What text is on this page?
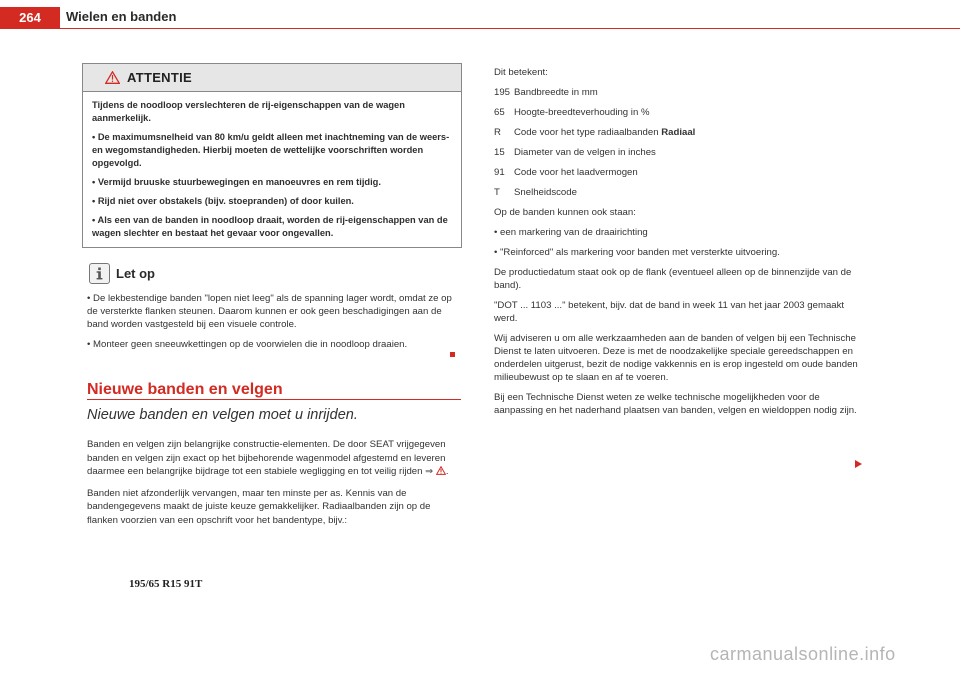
264	Wielen en banden
ATTENTIE

Tijdens de noodloop verslechteren de rij-eigenschappen van de wagen aanmerkelijk.

• De maximumsnelheid van 80 km/u geldt alleen met inachtneming van de weers- en wegomstandigheden. Hierbij moeten de wettelijke voorschriften worden opgevolgd.

• Vermijd bruuske stuurbewegingen en manoeuvres en rem tijdig.

• Rijd niet over obstakels (bijv. stoepranden) of door kuilen.

• Als een van de banden in noodloop draait, worden de rij-eigenschappen van de wagen slechter en bestaat het gevaar voor ongevallen.

Let op

• De lekbestendige banden "lopen niet leeg" als de spanning lager wordt, omdat ze op de versterkte flanken steunen. Daarom kunnen er ook geen beschadigingen aan de band worden vastgesteld bij een visuele controle.

• Monteer geen sneeuwkettingen op de voorwielen die in noodloop draaien.

Nieuwe banden en velgen
Nieuwe banden en velgen moet u inrijden.

Banden en velgen zijn belangrijke constructie-elementen. De door SEAT vrijgegeven banden en velgen zijn exact op het bijbehorende wagenmodel afgestemd en leveren daarmee een belangrijke bijdrage tot een stabiele wegligging en tot veilig rijden ⇒ .

Banden niet afzonderlijk vervangen, maar ten minste per as. Kennis van de bandengegevens maakt de juiste keuze gemakkelijker. Radiaalbanden zijn op de flanken voorzien van een opschrift voor het bandentype, bijv.:

195/65 R15 91T

Dit betekent:

195 Bandbreedte in mm
65 Hoogte-breedteverhouding in %
R	Code voor het type radiaalbanden Radiaal
15 Diameter van de velgen in inches
91 Code voor het laadvermogen
T	Snelheidscode

Op de banden kunnen ook staan:

• een markering van de draairichting

• "Reinforced" als markering voor banden met versterkte uitvoering.

De productiedatum staat ook op de flank (eventueel alleen op de binnenzijde van de band).

"DOT ... 1103 ..." betekent, bijv. dat de band in week 11 van het jaar 2003 gemaakt werd.

Wij adviseren u om alle werkzaamheden aan de banden of velgen bij een Technische Dienst te laten uitvoeren. Deze is met de noodzakelijke speciale gereedschappen en onderdelen uitgerust, bezit de nodige vakkennis en is erop ingesteld om oude banden milieubewust op te slaan en af te voeren.

Bij een Technische Dienst weten ze welke technische mogelijkheden voor de aanpassing en het naderhand plaatsen van banden, velgen en wieldoppen nodig zijn.

carmanualsonline.info
